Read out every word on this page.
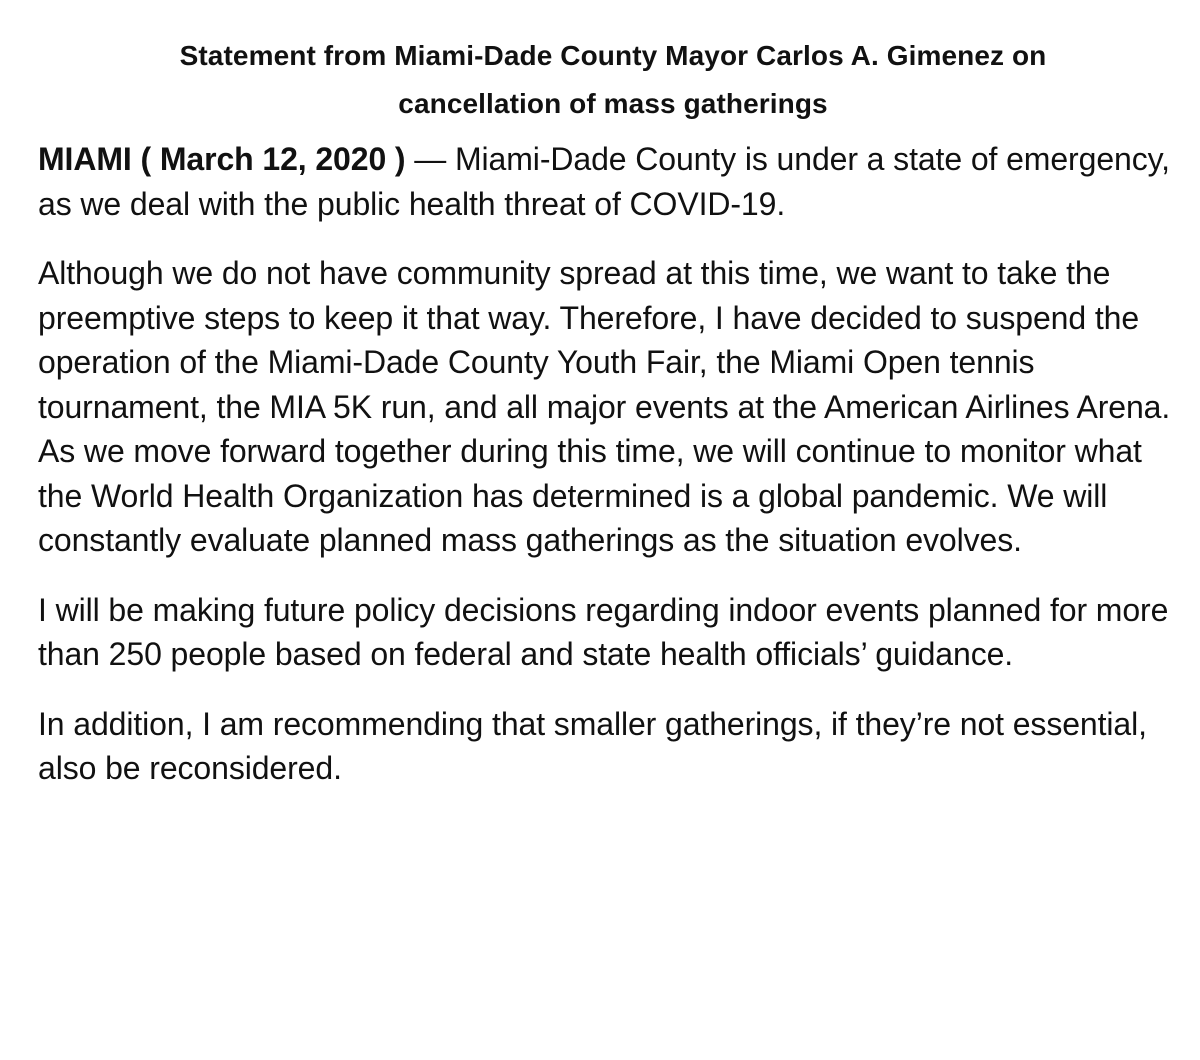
Statement from Miami-Dade County Mayor Carlos A. Gimenez on
cancellation of mass gatherings

MIAMI ( March 12, 2020 ) — Miami-Dade County is under a state of emergency, as we deal with the public health threat of COVID-19.

Although we do not have community spread at this time, we want to take the preemptive steps to keep it that way. Therefore, I have decided to suspend the operation of the Miami-Dade County Youth Fair, the Miami Open tennis tournament, the MIA 5K run, and all major events at the American Airlines Arena. As we move forward together during this time, we will continue to monitor what the World Health Organization has determined is a global pandemic. We will constantly evaluate planned mass gatherings as the situation evolves.

I will be making future policy decisions regarding indoor events planned for more than 250 people based on federal and state health officials’ guidance.

In addition, I am recommending that smaller gatherings, if they’re not essential, also be reconsidered.
